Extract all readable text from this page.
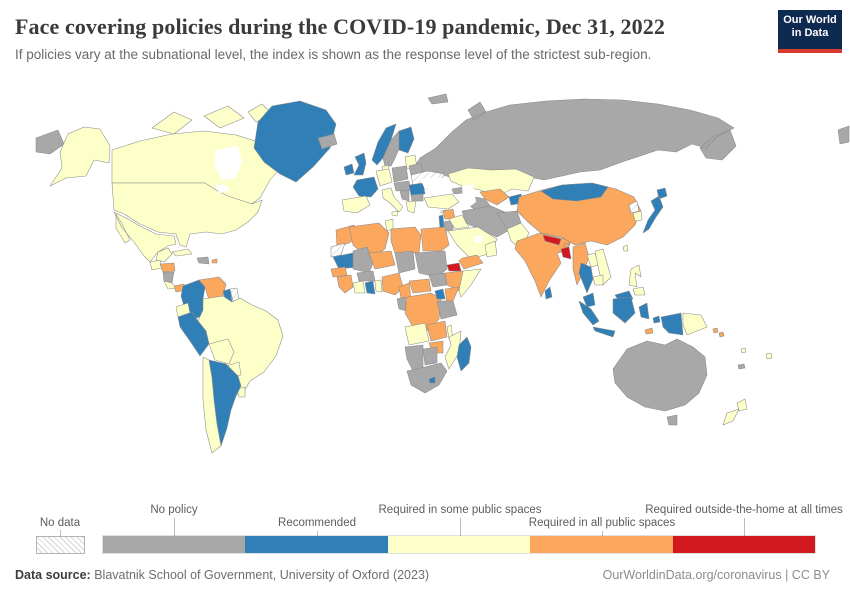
Face covering policies during the COVID-19 pandemic, Dec 31, 2022
If policies vary at the subnational level, the index is shown as the response level of the strictest sub-region.
Our World
in Data
No policy	Required in some public spaces	Required outside-the-home at all times
No data	Recommended	Required in all public spaces
Data source: Blavatnik School of Government, University of Oxford (2023)	OurWorldinData.org/coronavirus | CC BY
